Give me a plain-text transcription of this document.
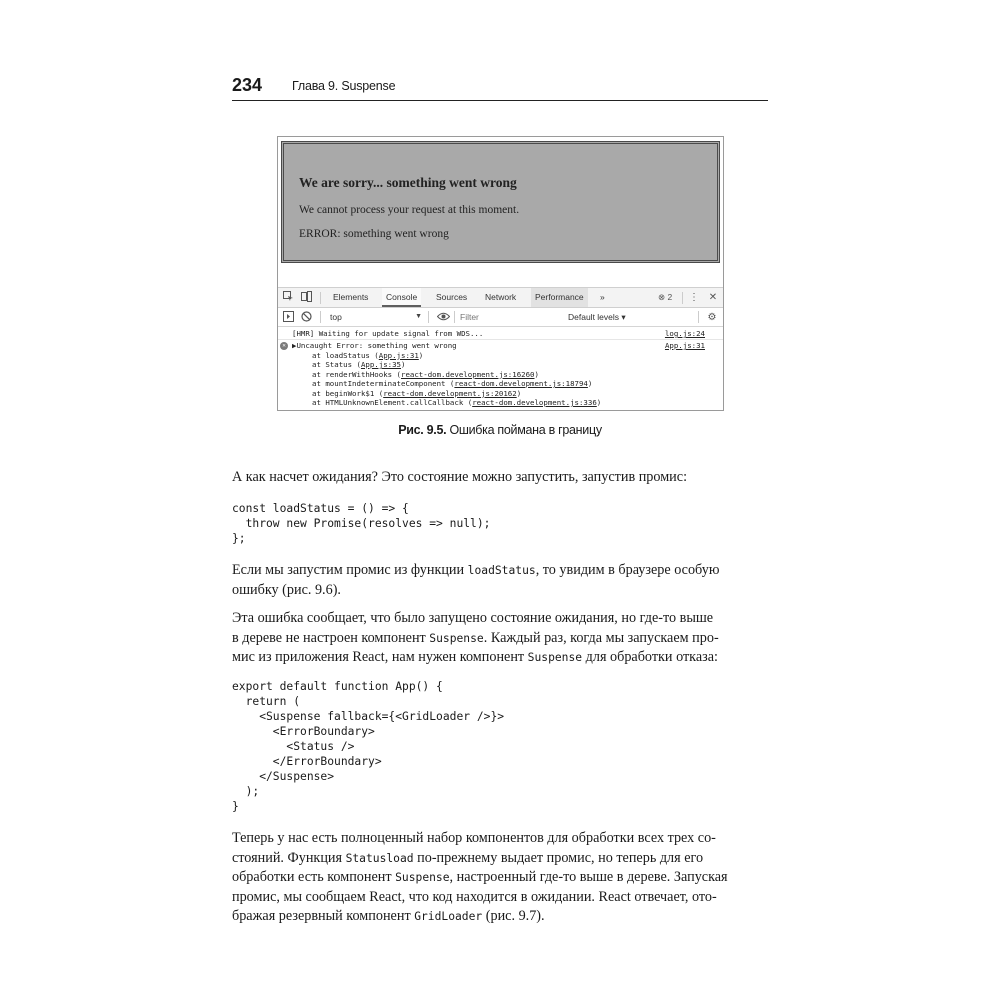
234 Глава 9. Suspense
We are sorry... something went wrong
We cannot process your request at this moment.
ERROR: something went wrong
Elements	Console	Sources	Network	Performance	»	⊗ 2 ⋮ ✕
top	▼
Filter	Default levels ▾	⚙
[HMR] Waiting for update signal from WDS...	log.js:24
✕ ▶Uncaught Error: something went wrong	App.js:31
at loadStatus (App.js:31)
at Status (App.js:35)
at renderWithHooks (react-dom.development.js:16260)
at mountIndeterminateComponent (react-dom.development.js:18794)
at beginWork$1 (react-dom.development.js:20162)
at HTMLUnknownElement.callCallback (react-dom.development.js:336)
Рис. 9.5. Ошибка поймана в границу
А как насчет ожидания? Это состояние можно запустить, запустив промис:
const loadStatus = () => {
throw new Promise(resolves => null);
};
Если мы запустим промис из функции loadStatus, то увидим в браузере особую
ошибку (рис. 9.6).
Эта ошибка сообщает, что было запущено состояние ожидания, но где-то выше
в дереве не настроен компонент Suspense. Каждый раз, когда мы запускаем про-
мис из приложения React, нам нужен компонент Suspense для обработки отказа:
export default function App() {
return (
<Suspense fallback={<GridLoader />}>
<ErrorBoundary>
<Status />
</ErrorBoundary>
</Suspense>
);
}
Теперь у нас есть полноценный набор компонентов для обработки всех трех со-
стояний. Функция Statusload по-прежнему выдает промис, но теперь для его
обработки есть компонент Suspense, настроенный где-то выше в дереве. Запуская
промис, мы сообщаем React, что код находится в ожидании. React отвечает, ото-
бражая резервный компонент GridLoader (рис. 9.7).
